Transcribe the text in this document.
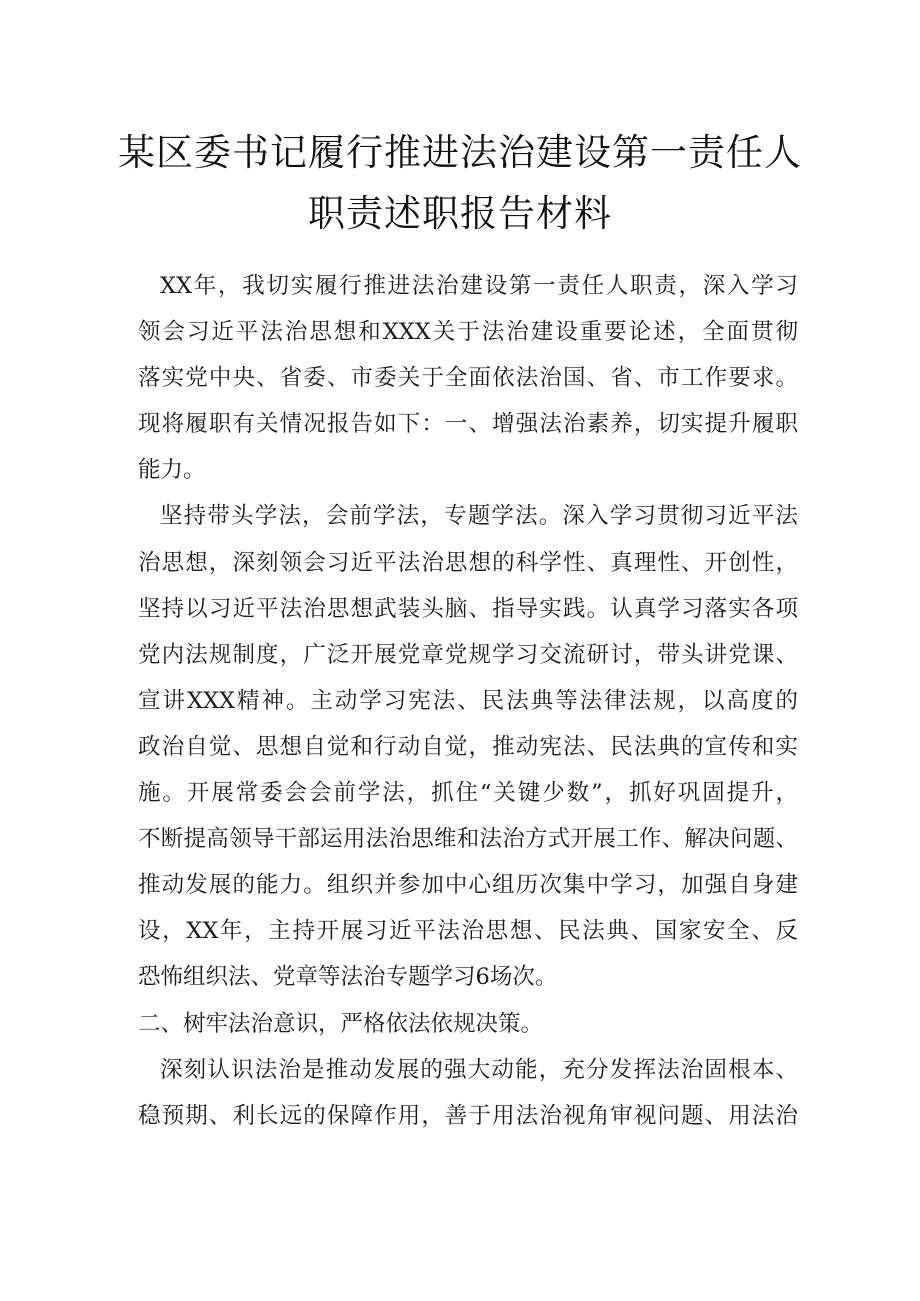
某区委书记履行推进法治建设第一责任人
职责述职报告材料
XX年，我切实履行推进法治建设第一责任人职责，深入学习
领会习近平法治思想和XXX关于法治建设重要论述，全面贯彻
落实党中央、省委、市委关于全面依法治国、省、市工作要求。
现将履职有关情况报告如下：一、增强法治素养，切实提升履职
能力。
坚持带头学法，会前学法，专题学法。深入学习贯彻习近平法
治思想，深刻领会习近平法治思想的科学性、真理性、开创性，
坚持以习近平法治思想武装头脑、指导实践。认真学习落实各项
党内法规制度，广泛开展党章党规学习交流研讨，带头讲党课、
宣讲XXX精神。主动学习宪法、民法典等法律法规，以高度的
政治自觉、思想自觉和行动自觉，推动宪法、民法典的宣传和实
施。开展常委会会前学法，抓住“关键少数”，抓好巩固提升，
不断提高领导干部运用法治思维和法治方式开展工作、解决问题、
推动发展的能力。组织并参加中心组历次集中学习，加强自身建
设，XX年，主持开展习近平法治思想、民法典、国家安全、反
恐怖组织法、党章等法治专题学习6场次。
二、树牢法治意识，严格依法依规决策。
深刻认识法治是推动发展的强大动能，充分发挥法治固根本、
稳预期、利长远的保障作用，善于用法治视角审视问题、用法治
